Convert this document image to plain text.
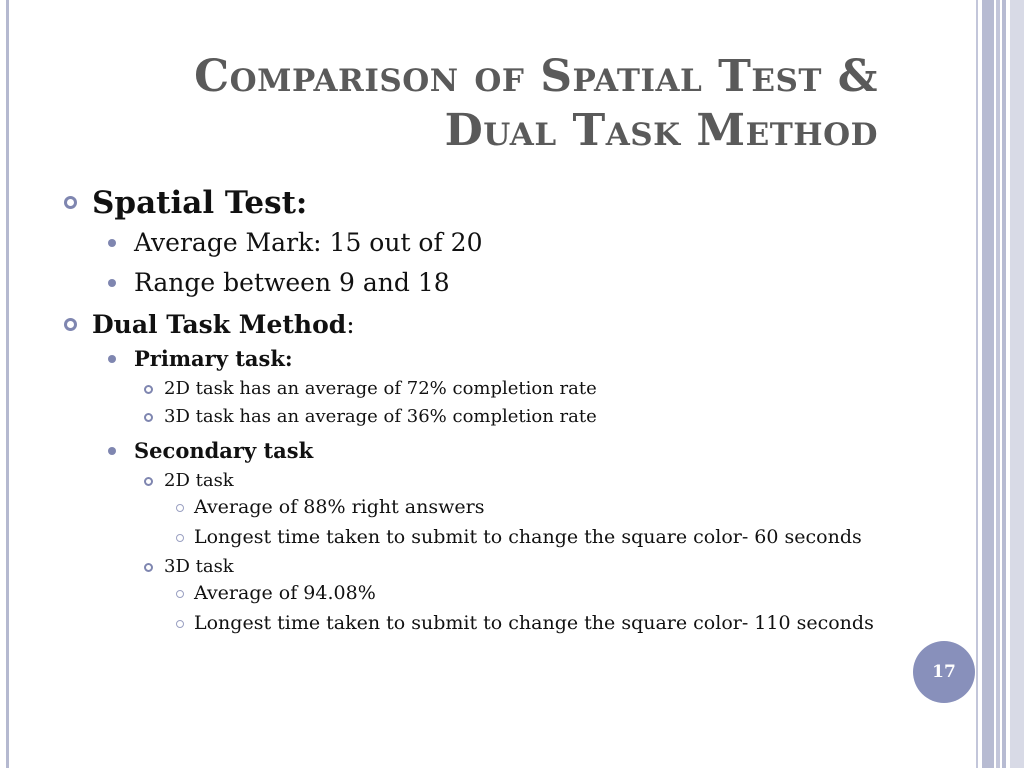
Comparison of Spatial Test &
Dual Task Method
Spatial Test:
Average Mark: 15 out of 20
Range between 9 and 18
Dual Task Method:
Primary task:
2D task has an average of 72% completion rate
3D task has an average of 36% completion rate
Secondary task
2D task
Average of 88% right answers
Longest time taken to submit to change the square color- 60 seconds
3D task
Average of 94.08%
Longest time taken to submit to change the square color- 110 seconds
17
